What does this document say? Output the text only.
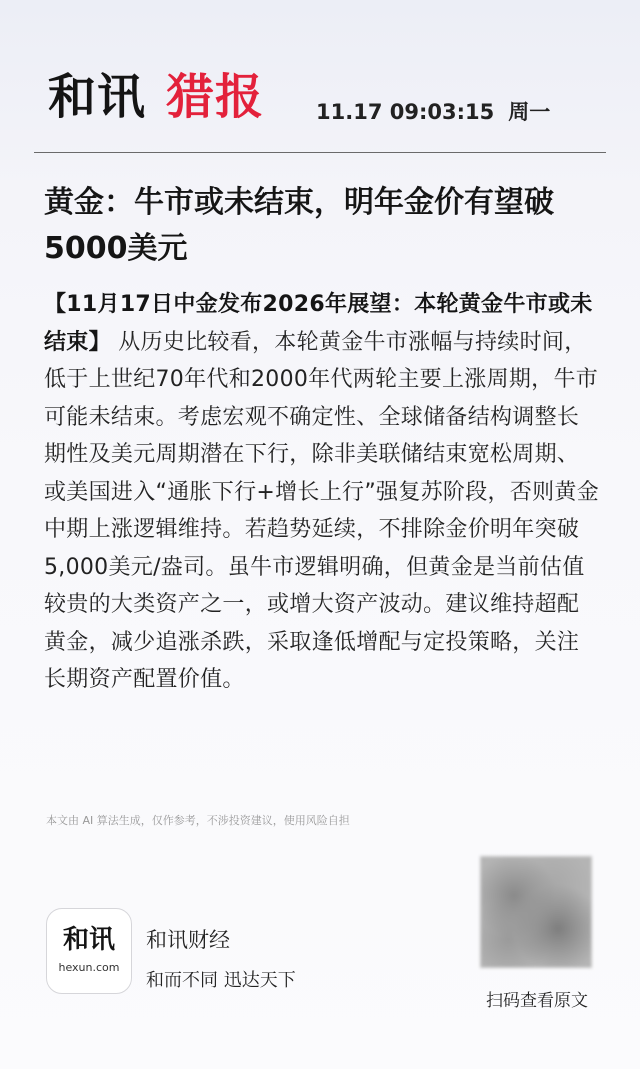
和讯 猎报 11.17 09:03:15 周一
黄金：牛市或未结束，明年金价有望破5000美元

【11月17日中金发布2026年展望：本轮黄金牛市或未结束】 从历史比较看，本轮黄金牛市涨幅与持续时间，低于上世纪70年代和2000年代两轮主要上涨周期，牛市可能未结束。考虑宏观不确定性、全球储备结构调整长期性及美元周期潜在下行，除非美联储结束宽松周期、或美国进入“通胀下行+增长上行”强复苏阶段，否则黄金中期上涨逻辑维持。若趋势延续，不排除金价明年突破5,000美元/盎司。虽牛市逻辑明确，但黄金是当前估值较贵的大类资产之一，或增大资产波动。建议维持超配黄金，减少追涨杀跌，采取逢低增配与定投策略，关注长期资产配置价值。

本文由 AI 算法生成，仅作参考，不涉投资建议，使用风险自担
和讯
hexun.com
和讯财经
和而不同 迅达天下
扫码查看原文
